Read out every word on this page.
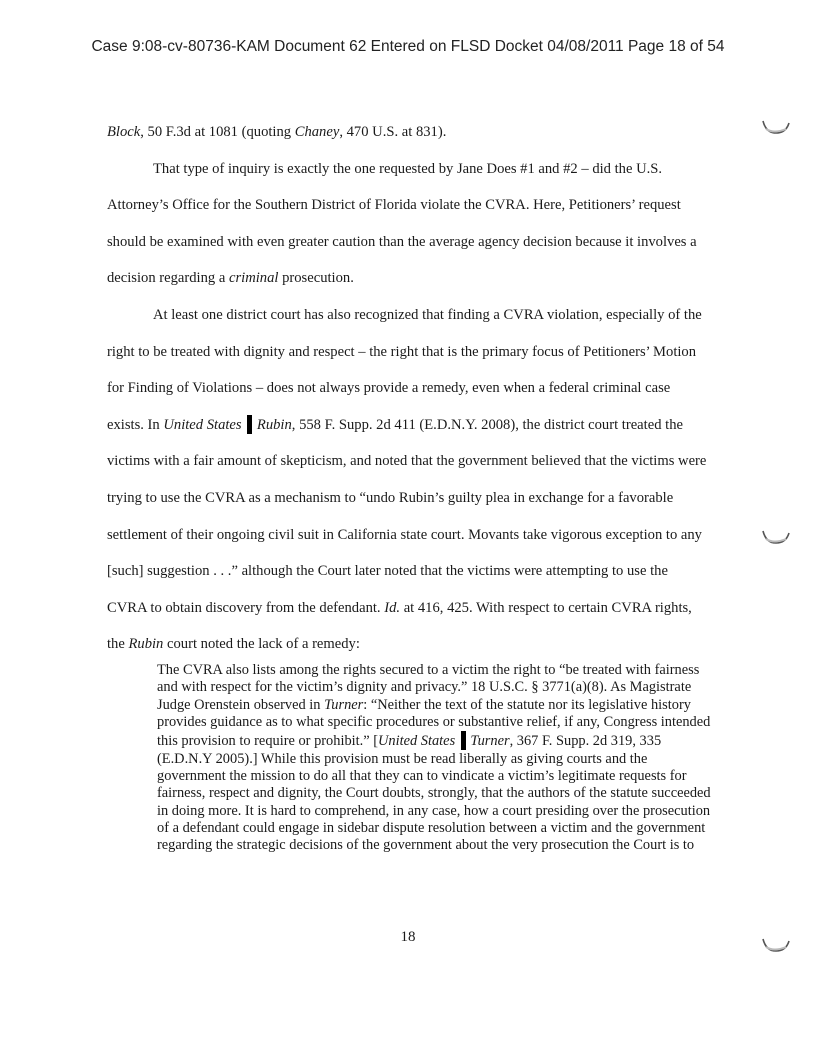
Case 9:08-cv-80736-KAM Document 62 Entered on FLSD Docket 04/08/2011 Page 18 of 54

Block, 50 F.3d at 1081 (quoting Chaney, 470 U.S. at 831).

That type of inquiry is exactly the one requested by Jane Does #1 and #2 – did the U.S. Attorney’s Office for the Southern District of Florida violate the CVRA. Here, Petitioners’ request should be examined with even greater caution than the average agency decision because it involves a decision regarding a criminal prosecution.

At least one district court has also recognized that finding a CVRA violation, especially of the right to be treated with dignity and respect – the right that is the primary focus of Petitioners’ Motion for Finding of Violations – does not always provide a remedy, even when a federal criminal case exists. In United States Rubin, 558 F. Supp. 2d 411 (E.D.N.Y. 2008), the district court treated the victims with a fair amount of skepticism, and noted that the government believed that the victims were trying to use the CVRA as a mechanism to “undo Rubin’s guilty plea in exchange for a favorable settlement of their ongoing civil suit in California state court. Movants take vigorous exception to any [such] suggestion . . .” although the Court later noted that the victims were attempting to use the CVRA to obtain discovery from the defendant. Id. at 416, 425. With respect to certain CVRA rights, the Rubin court noted the lack of a remedy:

The CVRA also lists among the rights secured to a victim the right to “be treated with fairness and with respect for the victim’s dignity and privacy.” 18 U.S.C. § 3771(a)(8). As Magistrate Judge Orenstein observed in Turner: “Neither the text of the statute nor its legislative history provides guidance as to what specific procedures or substantive relief, if any, Congress intended this provision to require or prohibit.” [United States Turner, 367 F. Supp. 2d 319, 335 (E.D.N.Y 2005).] While this provision must be read liberally as giving courts and the government the mission to do all that they can to vindicate a victim’s legitimate requests for fairness, respect and dignity, the Court doubts, strongly, that the authors of the statute succeeded in doing more. It is hard to comprehend, in any case, how a court presiding over the prosecution of a defendant could engage in sidebar dispute resolution between a victim and the government regarding the strategic decisions of the government about the very prosecution the Court is to

18
